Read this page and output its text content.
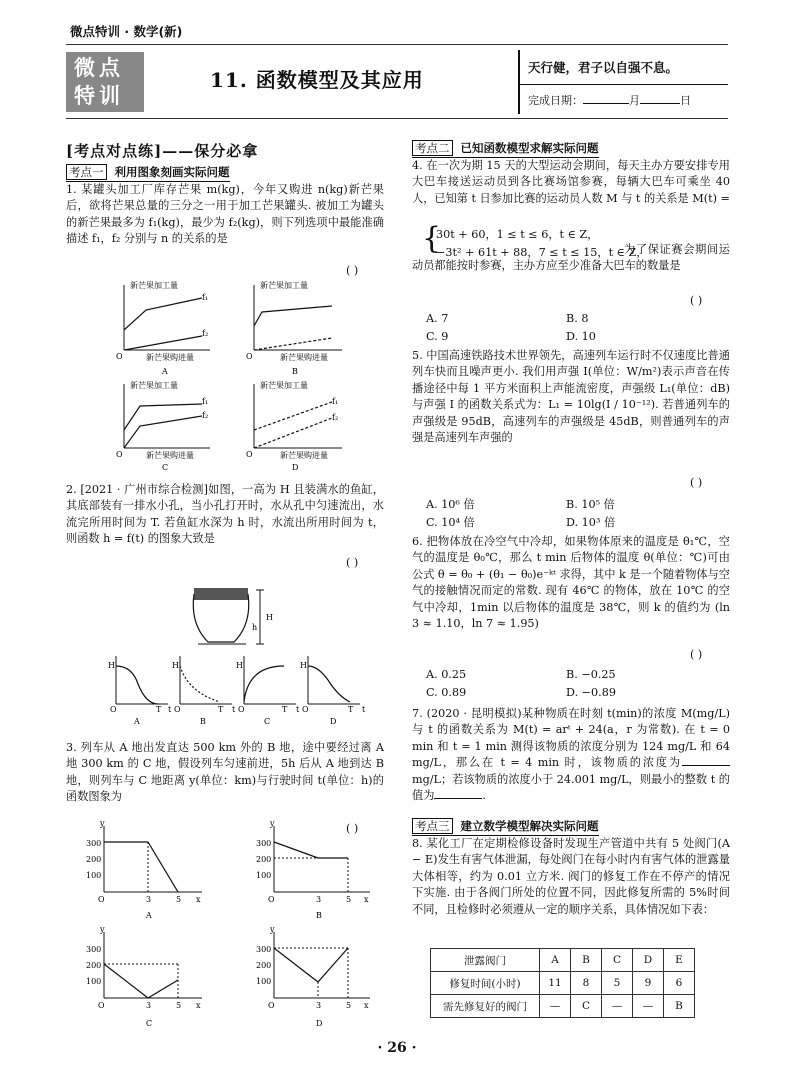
微点特训 · 数学(新)
微点
特训
11. 函数模型及其应用
天行健，君子以自强不息。
完成日期：	月	日
[考点对点练]——保分必拿
考点一 利用图象刻画实际问题
1. 某罐头加工厂库存芒果 m(kg)，今年又购进 n(kg)新芒果后，欲将芒果总量的三分之一用于加工芒果罐头. 被加工为罐头的新芒果最多为 f₁(kg)，最少为 f₂(kg)，则下列选项中最能准确描述 f₁，f₂ 分别与 n 的关系的是
( )
新芒果加工量
新芒果购进量
O
f₁
f₂
A
新芒果加工量
新芒果购进量
O
B
新芒果加工量
新芒果购进量
O
f₁
f₂
C
新芒果加工量
新芒果购进量
O
f₁
f₂
D
2. [2021 · 广州市综合检测]如图，一高为 H 且装满水的鱼缸，其底部装有一排水小孔，当小孔打开时，水从孔中匀速流出，水流完所用时间为 T. 若鱼缸水深为 h 时，水流出所用时间为 t，则函数 h = f(t) 的图象大致是
( )
H
h
O
H
T t
A
O
H
T t
B
O
H
T t
C
O
H
T t
D
3. 列车从 A 地出发直达 500 km 外的 B 地，途中要经过离 A 地 300 km 的 C 地，假设列车匀速前进，5h 后从 A 地到达 B 地，则列车与 C 地距离 y(单位：km)与行驶时间 t(单位：h)的函数图象为
( )
300
200
100
O	3	5 x
y
A
300
200
100
O	3	5 x
y
B
300
200
100
O	3	5 x
y
C
300
200
100
O	3	5 x
y
D
考点二 已知函数模型求解实际问题
4. 在一次为期 15 天的大型运动会期间，每天主办方要安排专用大巴车接送运动员到各比赛场馆参赛，每辆大巴车可乘坐 40 人，已知第 t 日参加比赛的运动员人数 M 与 t 的关系是 M(t) =
{
30t + 60，1 ≤ t ≤ 6，t ∈ Z，
−3t² + 61t + 88，7 ≤ t ≤ 15，t ∈ Z，
为了保证赛会期间运动员都能按时参赛，主办方应至少准备大巴车的数量是
( )
A. 7	B. 8
C. 9	D. 10
5. 中国高速铁路技术世界领先，高速列车运行时不仅速度比普通列车快而且噪声更小. 我们用声强 I(单位：W/m²)表示声音在传播途径中每 1 平方米面积上声能流密度，声强级 L₁(单位：dB)与声强 I 的函数关系式为：L₁ = 10lg(I / 10⁻¹²). 若普通列车的声强级是 95dB，高速列车的声强级是 45dB，则普通列车的声强是高速列车声强的
( )
A. 10⁶ 倍	B. 10⁵ 倍
C. 10⁴ 倍	D. 10³ 倍
6. 把物体放在冷空气中冷却，如果物体原来的温度是 θ₁℃，空气的温度是 θ₀℃，那么 t min 后物体的温度 θ(单位：℃)可由公式 θ = θ₀ + (θ₁ − θ₀)e⁻ᵏᵗ 求得，其中 k 是一个随着物体与空气的接触情况而定的常数. 现有 46℃ 的物体，放在 10℃ 的空气中冷却，1min 以后物体的温度是 38℃，则 k 的值约为 (ln 3 ≈ 1.10，ln 7 ≈ 1.95)
( )
A. 0.25	B. −0.25
C. 0.89	D. −0.89
7. (2020 · 昆明模拟)某种物质在时刻 t(min)的浓度 M(mg/L)与 t 的函数关系为 M(t) = arᵗ + 24(a，r 为常数). 在 t = 0 min 和 t = 1 min 测得该物质的浓度分别为 124 mg/L 和 64 mg/L，那么在 t = 4 min 时，该物质的浓度为mg/L；若该物质的浓度小于 24.001 mg/L，则最小的整数 t 的值为	.
考点三 建立数学模型解决实际问题
8. 某化工厂在定期检修设备时发现生产管道中共有 5 处阀门(A − E)发生有害气体泄漏，每处阀门在每小时内有害气体的泄露量大体相等，约为 0.01 立方米. 阀门的修复工作在不停产的情况下实施. 由于各阀门所处的位置不同，因此修复所需的 5%时间不同，且检修时必须遵从一定的顺序关系，具体情况如下表：
泄露阀门	A	B	C	D	E
修复时间(小时)	11	8	5	9	6
需先修复好的阀门	—	C	—	—	B
· 26 ·
